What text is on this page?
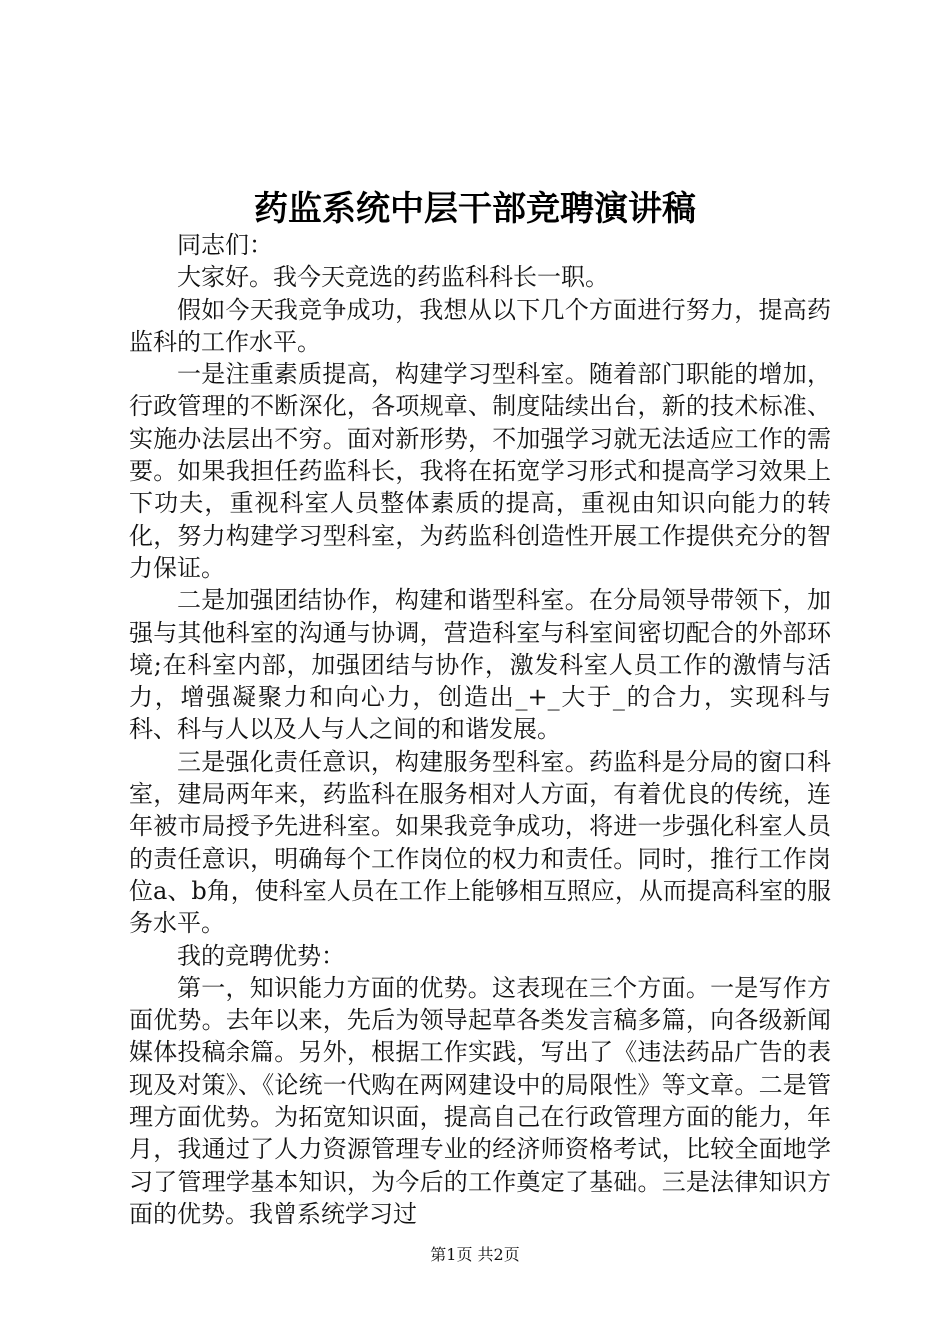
药监系统中层干部竞聘演讲稿

同志们：

大家好。我今天竞选的药监科科长一职。

假如今天我竞争成功，我想从以下几个方面进行努力，提高药监科的工作水平。

一是注重素质提高，构建学习型科室。随着部门职能的增加，行政管理的不断深化，各项规章、制度陆续出台，新的技术标准、实施办法层出不穷。面对新形势，不加强学习就无法适应工作的需要。如果我担任药监科长，我将在拓宽学习形式和提高学习效果上下功夫，重视科室人员整体素质的提高，重视由知识向能力的转化，努力构建学习型科室，为药监科创造性开展工作提供充分的智力保证。

二是加强团结协作，构建和谐型科室。在分局领导带领下，加强与其他科室的沟通与协调，营造科室与科室间密切配合的外部环境;在科室内部，加强团结与协作，激发科室人员工作的激情与活力，增强凝聚力和向心力，创造出_+_大于_的合力，实现科与科、科与人以及人与人之间的和谐发展。

三是强化责任意识，构建服务型科室。药监科是分局的窗口科室，建局两年来，药监科在服务相对人方面，有着优良的传统，连年被市局授予先进科室。如果我竞争成功，将进一步强化科室人员的责任意识，明确每个工作岗位的权力和责任。同时，推行工作岗位a、b角，使科室人员在工作上能够相互照应，从而提高科室的服务水平。

我的竞聘优势：

第一，知识能力方面的优势。这表现在三个方面。一是写作方面优势。去年以来，先后为领导起草各类发言稿多篇，向各级新闻媒体投稿余篇。另外，根据工作实践，写出了《违法药品广告的表现及对策》、《论统一代购在两网建设中的局限性》等文章。二是管理方面优势。为拓宽知识面，提高自己在行政管理方面的能力，年月，我通过了人力资源管理专业的经济师资格考试，比较全面地学习了管理学基本知识，为今后的工作奠定了基础。三是法律知识方面的优势。我曾系统学习过

第1页 共2页
